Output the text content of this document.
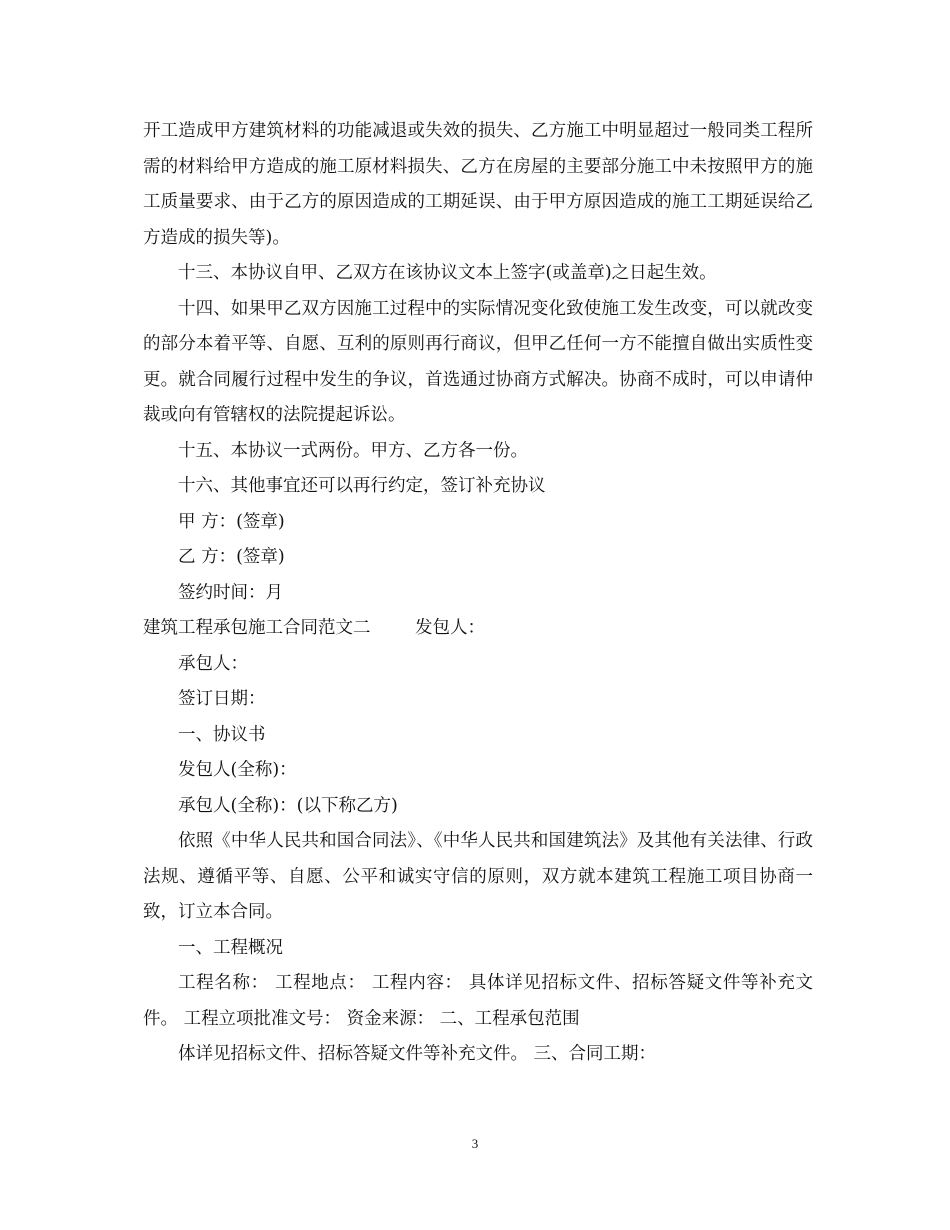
开工造成甲方建筑材料的功能减退或失效的损失、乙方施工中明显超过一般同类工程所需的材料给甲方造成的施工原材料损失、乙方在房屋的主要部分施工中未按照甲方的施工质量要求、由于乙方的原因造成的工期延误、由于甲方原因造成的施工工期延误给乙方造成的损失等)。

十三、本协议自甲、乙双方在该协议文本上签字(或盖章)之日起生效。

十四、如果甲乙双方因施工过程中的实际情况变化致使施工发生改变，可以就改变的部分本着平等、自愿、互利的原则再行商议，但甲乙任何一方不能擅自做出实质性变更。就合同履行过程中发生的争议，首选通过协商方式解决。协商不成时，可以申请仲裁或向有管辖权的法院提起诉讼。

十五、本协议一式两份。甲方、乙方各一份。

十六、其他事宜还可以再行约定，签订补充协议

甲 方：(签章)

乙 方：(签章)

签约时间：月

建筑工程承包施工合同范文二        发包人：

承包人：

签订日期：

一、协议书

发包人(全称)：

承包人(全称)：(以下称乙方)

依照《中华人民共和国合同法》、《中华人民共和国建筑法》及其他有关法律、行政法规、遵循平等、自愿、公平和诚实守信的原则，双方就本建筑工程施工项目协商一致，订立本合同。

一、工程概况

工程名称： 工程地点： 工程内容： 具体详见招标文件、招标答疑文件等补充文件。 工程立项批准文号： 资金来源： 二、工程承包范围

体详见招标文件、招标答疑文件等补充文件。 三、合同工期：

3
